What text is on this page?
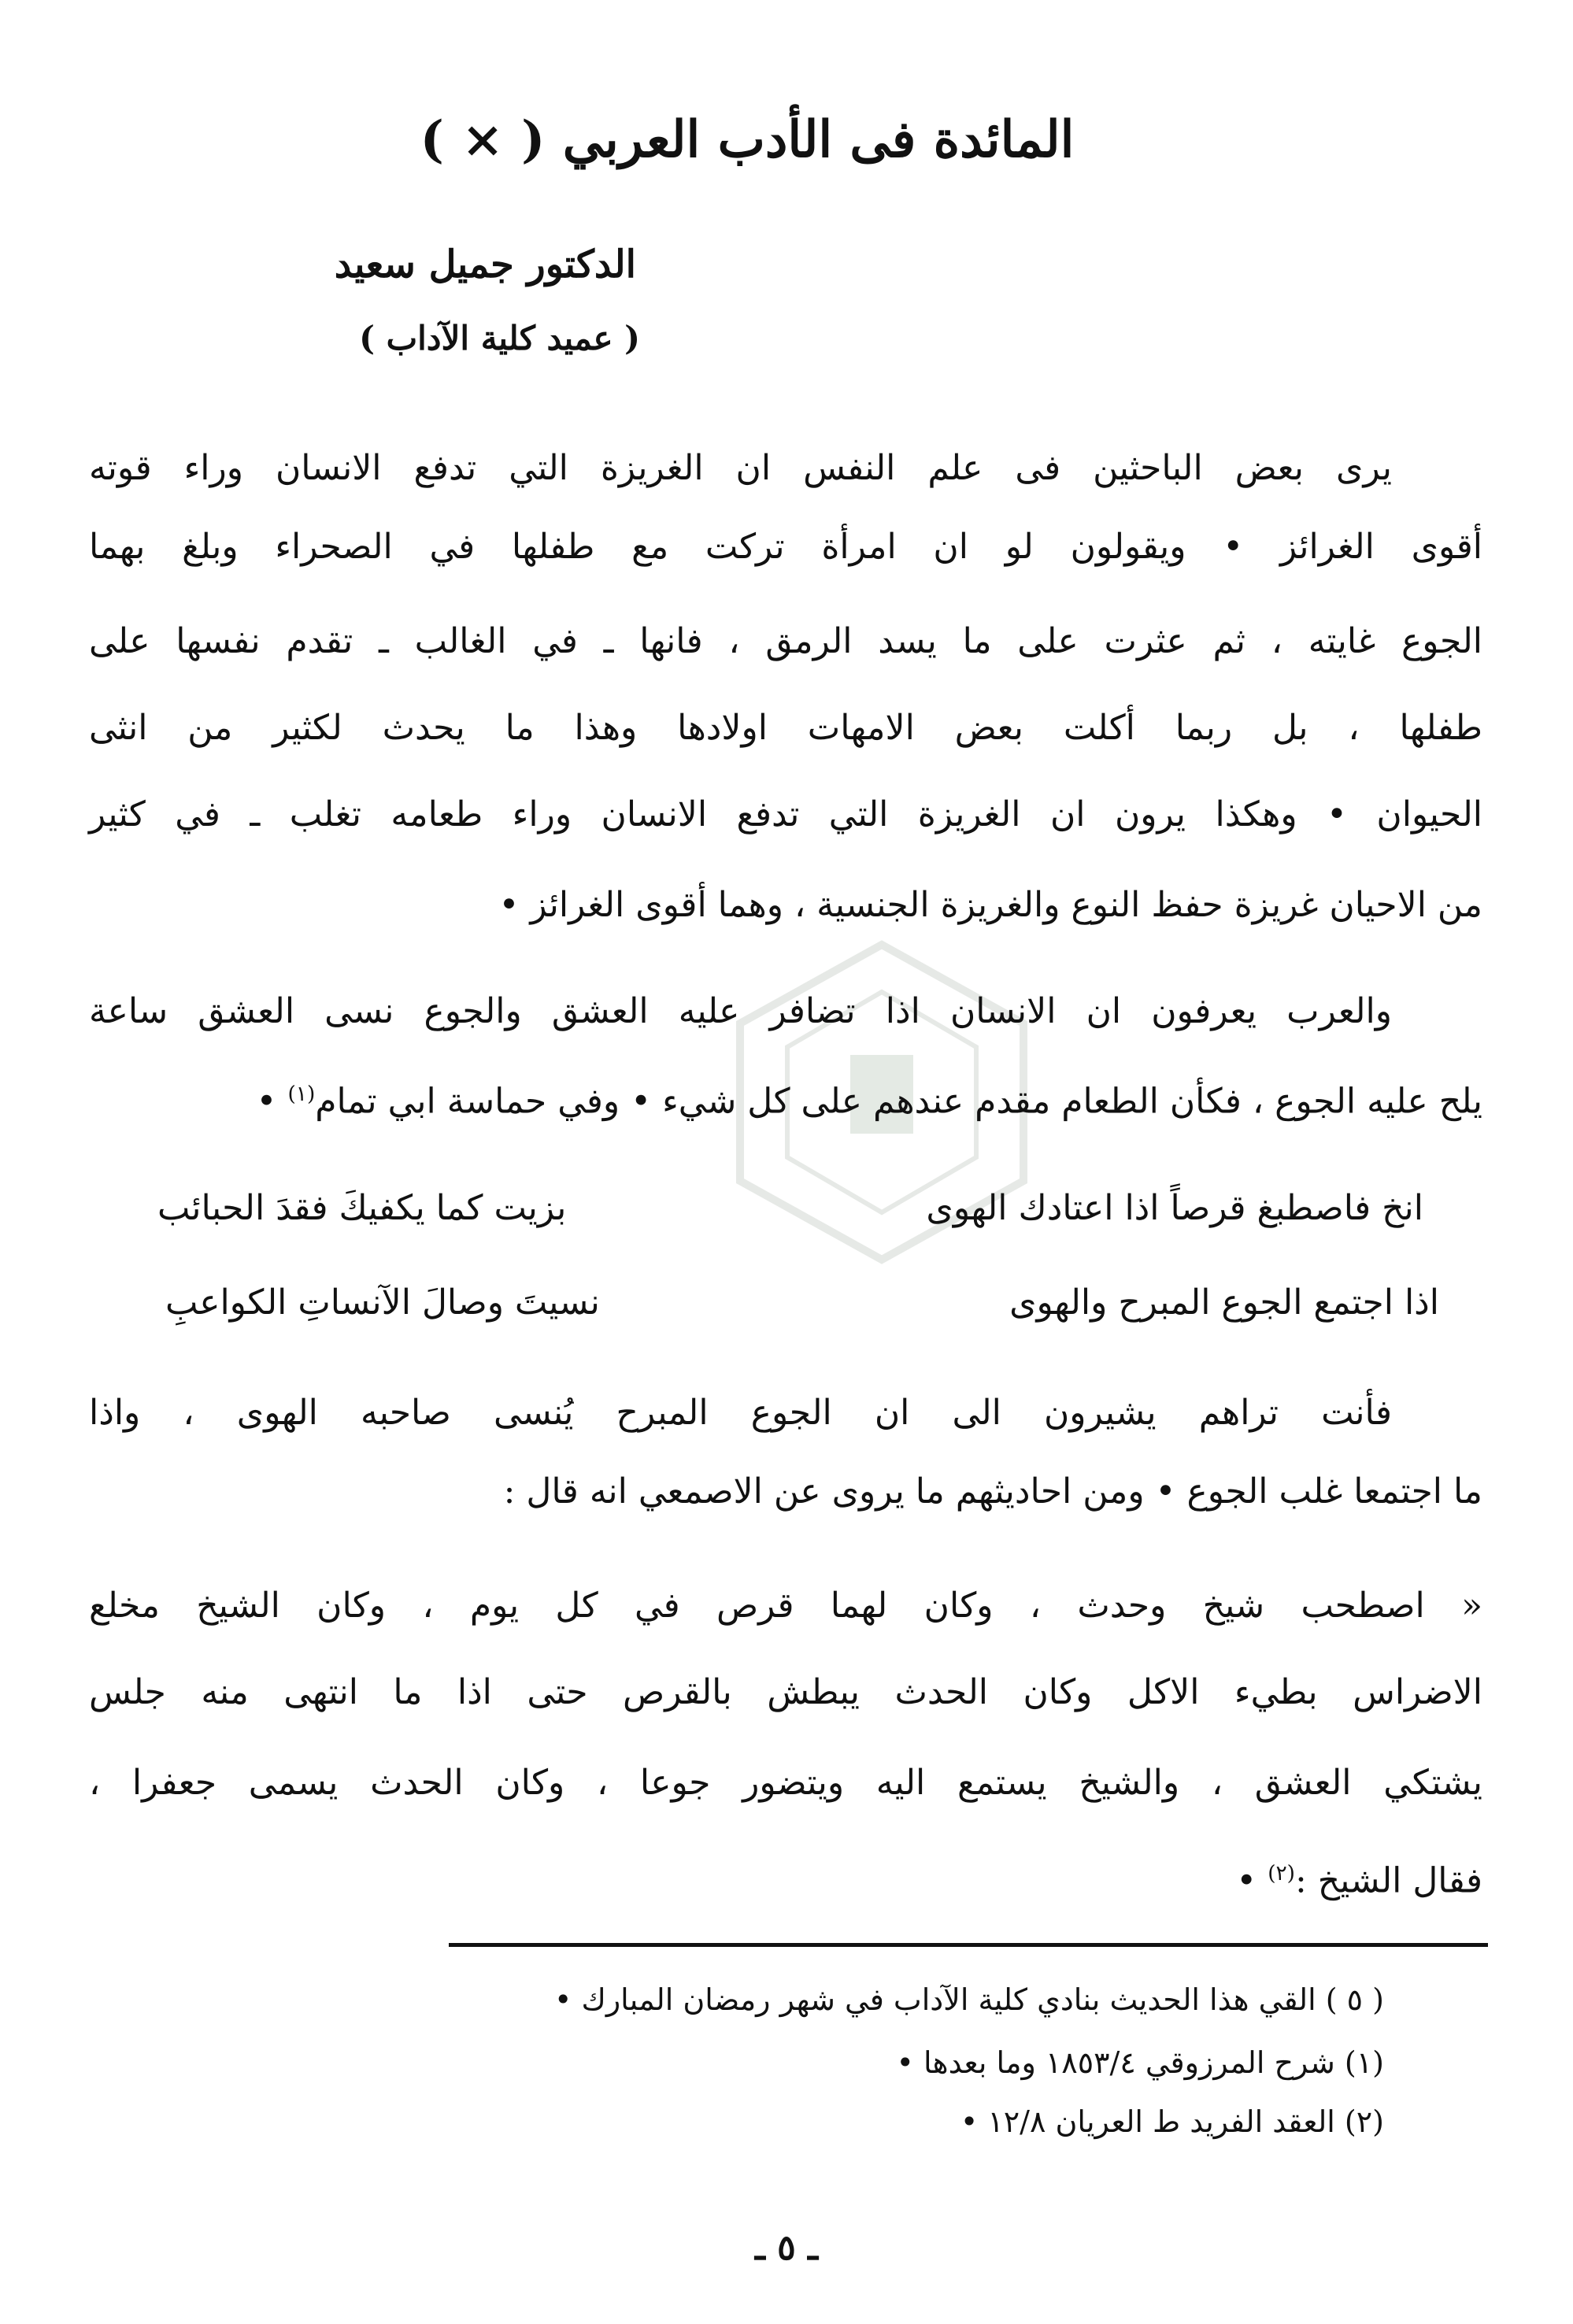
المائدة فى الأدب العربي ( × )
الدكتور جميل سعيد
( عميد كلية الآداب )
يرى بعض الباحثين فى علم النفس ان الغريزة التي تدفع الانسان وراء قوته
أقوى الغرائز • ويقولون لو ان امرأة تركت مع طفلها في الصحراء وبلغ بهما
الجوع غايته ، ثم عثرت على ما يسد الرمق ، فانها ـ في الغالب ـ تقدم نفسها على
طفلها ، بل ربما أكلت بعض الامهات اولادها وهذا ما يحدث لكثير من انثى
الحيوان • وهكذا يرون ان الغريزة التي تدفع الانسان وراء طعامه تغلب ـ في كثير
من الاحيان غريزة حفظ النوع والغريزة الجنسية ، وهما أقوى الغرائز •
والعرب يعرفون ان الانسان اذا تضافر عليه العشق والجوع نسى العشق ساعة
يلح عليه الجوع ، فكأن الطعام مقدم عندهم على كل شيء • وفي حماسة ابي تمام$^{(١)}$ •
انخ فاصطبغ قرصاً اذا اعتادك الهوى
بزيت كما يكفيكَ فقدَ الحبائب
اذا اجتمع الجوع المبرح والهوى
نسيتَ وصالَ الآنساتِ الكواعبِ
فأنت تراهم يشيرون الى ان الجوع المبرح يُنسى صاحبه الهوى ، واذا
ما اجتمعا غلب الجوع • ومن احاديثهم ما يروى عن الاصمعي انه قال :
« اصطحب شيخ وحدث ، وكان لهما قرص في كل يوم ، وكان الشيخ مخلع
الاضراس بطيء الاكل وكان الحدث يبطش بالقرص حتى اذا ما انتهى منه جلس
يشتكي العشق ، والشيخ يستمع اليه ويتضور جوعا ، وكان الحدث يسمى جعفرا ،
فقال الشيخ :$^{(٢)}$ •
( ٥ ) القي هذا الحديث بنادي كلية الآداب في شهر رمضان المبارك •
(١) شرح المرزوقي ١٨٥٣/٤ وما بعدها •
(٢) العقد الفريد ط العريان ١٢/٨ •
ـ ٥ ـ
